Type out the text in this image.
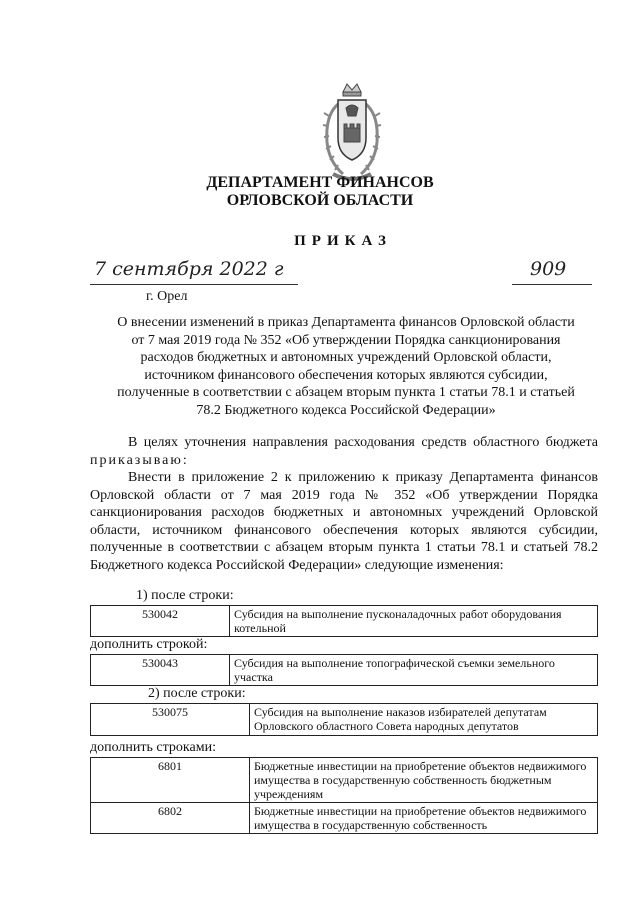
ДЕПАРТАМЕНТ ФИНАНСОВ
ОРЛОВСКОЙ ОБЛАСТИ
ПРИКАЗ
7 сентября 2022 г	909
г. Орел
О внесении изменений в приказ Департамента финансов Орловской области
от 7 мая 2019 года № 352 «Об утверждении Порядка санкционирования
расходов бюджетных и автономных учреждений Орловской области,
источником финансового обеспечения которых являются субсидии,
полученные в соответствии с абзацем вторым пункта 1 статьи 78.1 и статьей
78.2 Бюджетного кодекса Российской Федерации»
В целях уточнения направления расходования средств областного бюджета приказываю:
Внести в приложение 2 к приложению к приказу Департамента финансов Орловской области от 7 мая 2019 года № 352 «Об утверждении Порядка санкционирования расходов бюджетных и автономных учреждений Орловской области, источником финансового обеспечения которых являются субсидии, полученные в соответствии с абзацем вторым пункта 1 статьи 78.1 и статьей 78.2 Бюджетного кодекса Российской Федерации» следующие изменения:
1) после строки:
530042	Субсидия на выполнение пусконаладочных работ оборудования котельной
дополнить строкой:
530043	Субсидия на выполнение топографической съемки земельного участка
2) после строки:
530075	Субсидия на выполнение наказов избирателей депутатам Орловского областного Совета народных депутатов
дополнить строками:
6801	Бюджетные инвестиции на приобретение объектов недвижимого имущества в государственную собственность бюджетным учреждениям
6802	Бюджетные инвестиции на приобретение объектов недвижимого имущества в государственную собственность
